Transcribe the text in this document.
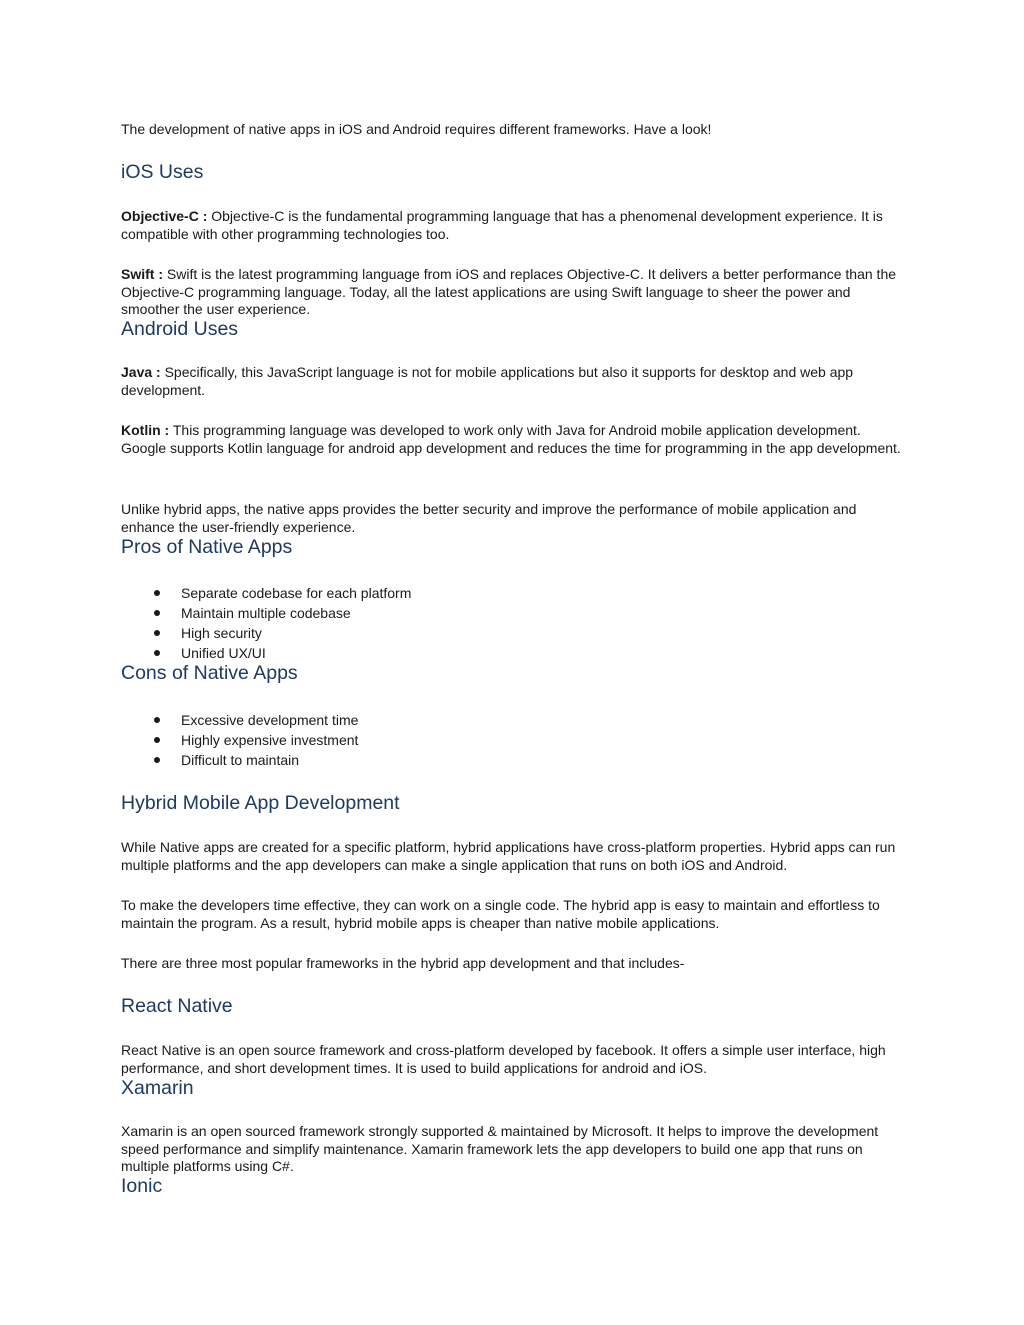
The development of native apps in iOS and Android requires different frameworks. Have a look!

iOS Uses

Objective-C : Objective-C is the fundamental programming language that has a phenomenal development experience. It is compatible with other programming technologies too.

Swift : Swift is the latest programming language from iOS and replaces Objective-C. It delivers a better performance than the Objective-C programming language. Today, all the latest applications are using Swift language to sheer the power and smoother the user experience.

Android Uses

Java : Specifically, this JavaScript language is not for mobile applications but also it supports for desktop and web app development.

Kotlin : This programming language was developed to work only with Java for Android mobile application development. Google supports Kotlin language for android app development and reduces the time for programming in the app development.

Unlike hybrid apps, the native apps provides the better security and improve the performance of mobile application and enhance the user-friendly experience.

Pros of Native Apps
Separate codebase for each platform
Maintain multiple codebase
High security
Unified UX/UI
Cons of Native Apps
Excessive development time
Highly expensive investment
Difficult to maintain
Hybrid Mobile App Development

While Native apps are created for a specific platform, hybrid applications have cross-platform properties. Hybrid apps can run multiple platforms and the app developers can make a single application that runs on both iOS and Android.

To make the developers time effective, they can work on a single code. The hybrid app is easy to maintain and effortless to maintain the program. As a result, hybrid mobile apps is cheaper than native mobile applications.

There are three most popular frameworks in the hybrid app development and that includes-

React Native

React Native is an open source framework and cross-platform developed by facebook. It offers a simple user interface, high performance, and short development times. It is used to build applications for android and iOS.

Xamarin

Xamarin is an open sourced framework strongly supported & maintained by Microsoft. It helps to improve the development speed performance and simplify maintenance. Xamarin framework lets the app developers to build one app that runs on multiple platforms using C#.

Ionic
